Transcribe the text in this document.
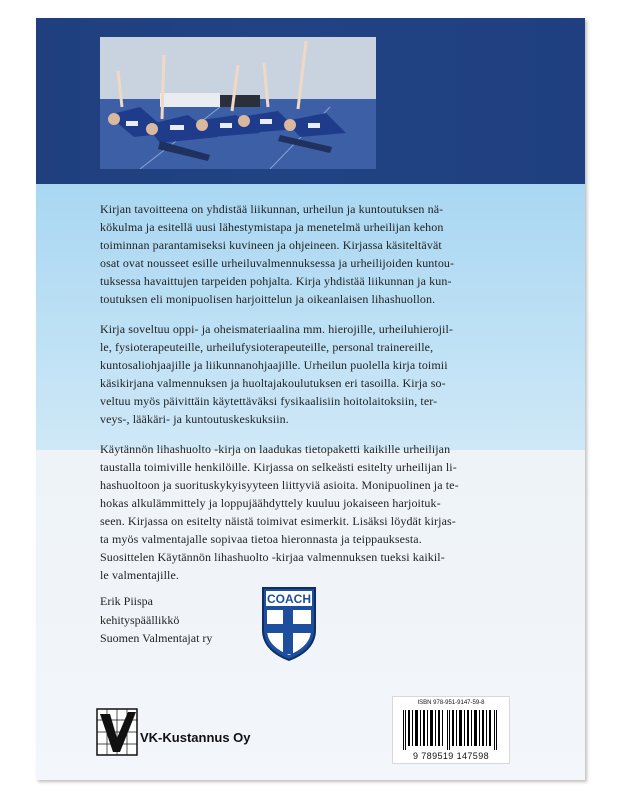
Kirjan tavoitteena on yhdistää liikunnan, urheilun ja kuntoutuksen nä-
kökulma ja esitellä uusi lähestymistapa ja menetelmä urheilijan kehon
toiminnan parantamiseksi kuvineen ja ohjeineen. Kirjassa käsiteltävät
osat ovat nousseet esille urheiluvalmennuksessa ja urheilijoiden kuntou-
tuksessa havaittujen tarpeiden pohjalta. Kirja yhdistää liikunnan ja kun-
toutuksen eli monipuolisen harjoittelun ja oikeanlaisen lihashuollon.

Kirja soveltuu oppi- ja oheismateriaalina mm. hierojille, urheiluhierojil-
le, fysioterapeuteille, urheilufysioterapeuteille, personal trainereille,
kuntosaliohjaajille ja liikunnanohjaajille. Urheilun puolella kirja toimii
käsikirjana valmennuksen ja huoltajakoulutuksen eri tasoilla. Kirja so-
veltuu myös päivittäin käytettäväksi fysikaalisiin hoitolaitoksiin, ter-
veys-, lääkäri- ja kuntoutuskeskuksiin.

Käytännön lihashuolto -kirja on laadukas tietopaketti kaikille urheilijan
taustalla toimiville henkilöille. Kirjassa on selkeästi esitelty urheilijan li-
hashuoltoon ja suorituskykyisyyteen liittyviä asioita. Monipuolinen ja te-
hokas alkulämmittely ja loppujäähdyttely kuuluu jokaiseen harjoituk-
seen. Kirjassa on esitelty näistä toimivat esimerkit. Lisäksi löydät kirjas-
ta myös valmentajalle sopivaa tietoa hieronnasta ja teippauksesta.

Suosittelen Käytännön lihashuolto -kirjaa valmennuksen tueksi kaikil-
le valmentajille.

Erik Piispa
kehityspäällikkö
Suomen Valmentajat ry
COACH
ISBN 978-951-9147-59-8
9 789519 147598
VK-Kustannus Oy
